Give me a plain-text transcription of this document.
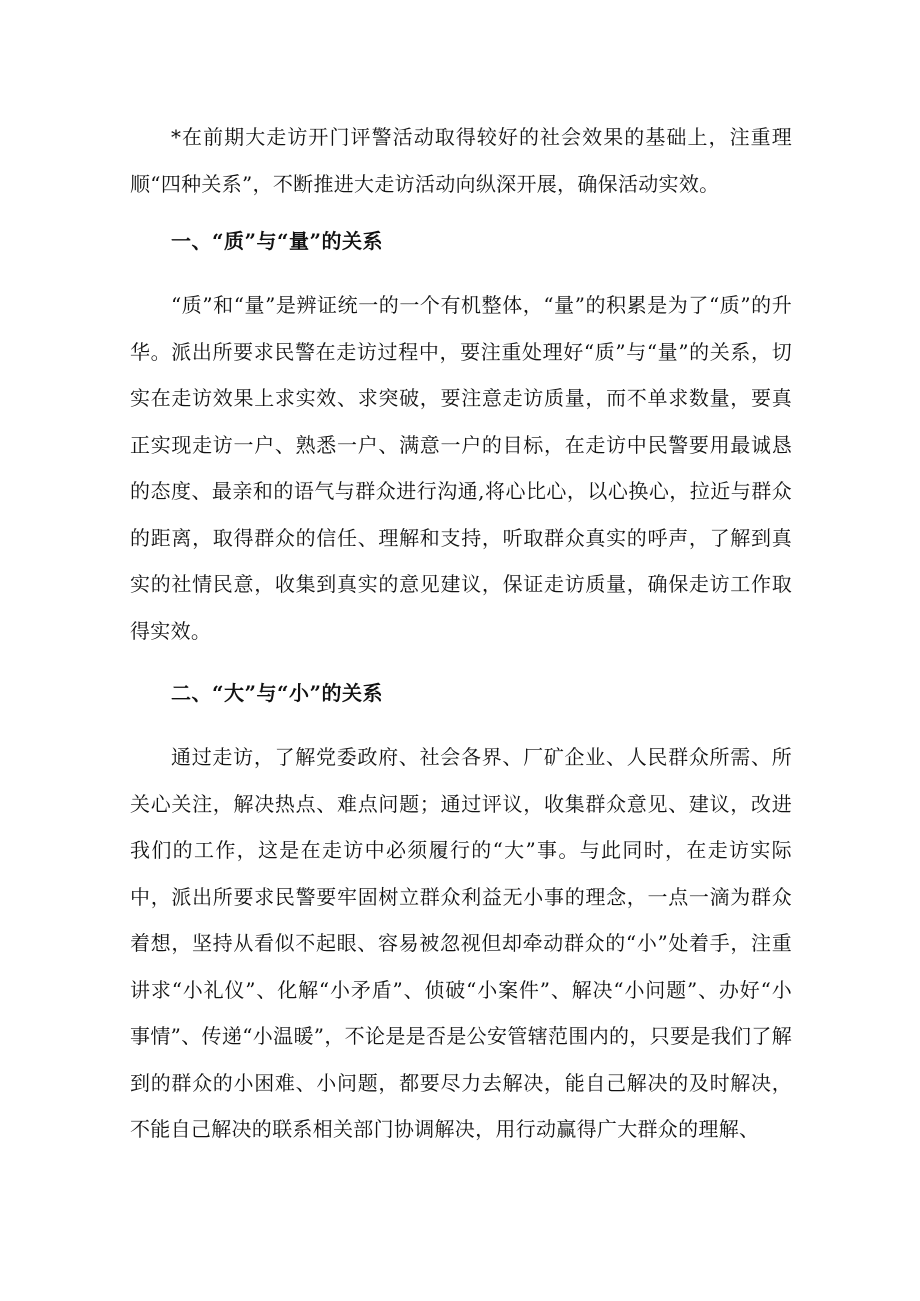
*在前期大走访开门评警活动取得较好的社会效果的基础上，注重理顺“四种关系”，不断推进大走访活动向纵深开展，确保活动实效。

一、“质”与“量”的关系

“质”和“量”是辨证统一的一个有机整体，“量”的积累是为了“质”的升华。派出所要求民警在走访过程中，要注重处理好“质”与“量”的关系，切实在走访效果上求实效、求突破，要注意走访质量，而不单求数量，要真正实现走访一户、熟悉一户、满意一户的目标，在走访中民警要用最诚恳的态度、最亲和的语气与群众进行沟通,将心比心，以心换心，拉近与群众的距离，取得群众的信任、理解和支持，听取群众真实的呼声，了解到真实的社情民意，收集到真实的意见建议，保证走访质量，确保走访工作取得实效。

二、“大”与“小”的关系

通过走访，了解党委政府、社会各界、厂矿企业、人民群众所需、所关心关注，解决热点、难点问题；通过评议，收集群众意见、建议，改进我们的工作，这是在走访中必须履行的“大”事。与此同时，在走访实际中，派出所要求民警要牢固树立群众利益无小事的理念，一点一滴为群众着想，坚持从看似不起眼、容易被忽视但却牵动群众的“小”处着手，注重讲求“小礼仪”、化解“小矛盾”、侦破“小案件”、解决“小问题”、办好“小事情”、传递“小温暖”，不论是是否是公安管辖范围内的，只要是我们了解到的群众的小困难、小问题，都要尽力去解决，能自己解决的及时解决，不能自己解决的联系相关部门协调解决，用行动赢得广大群众的理解、
